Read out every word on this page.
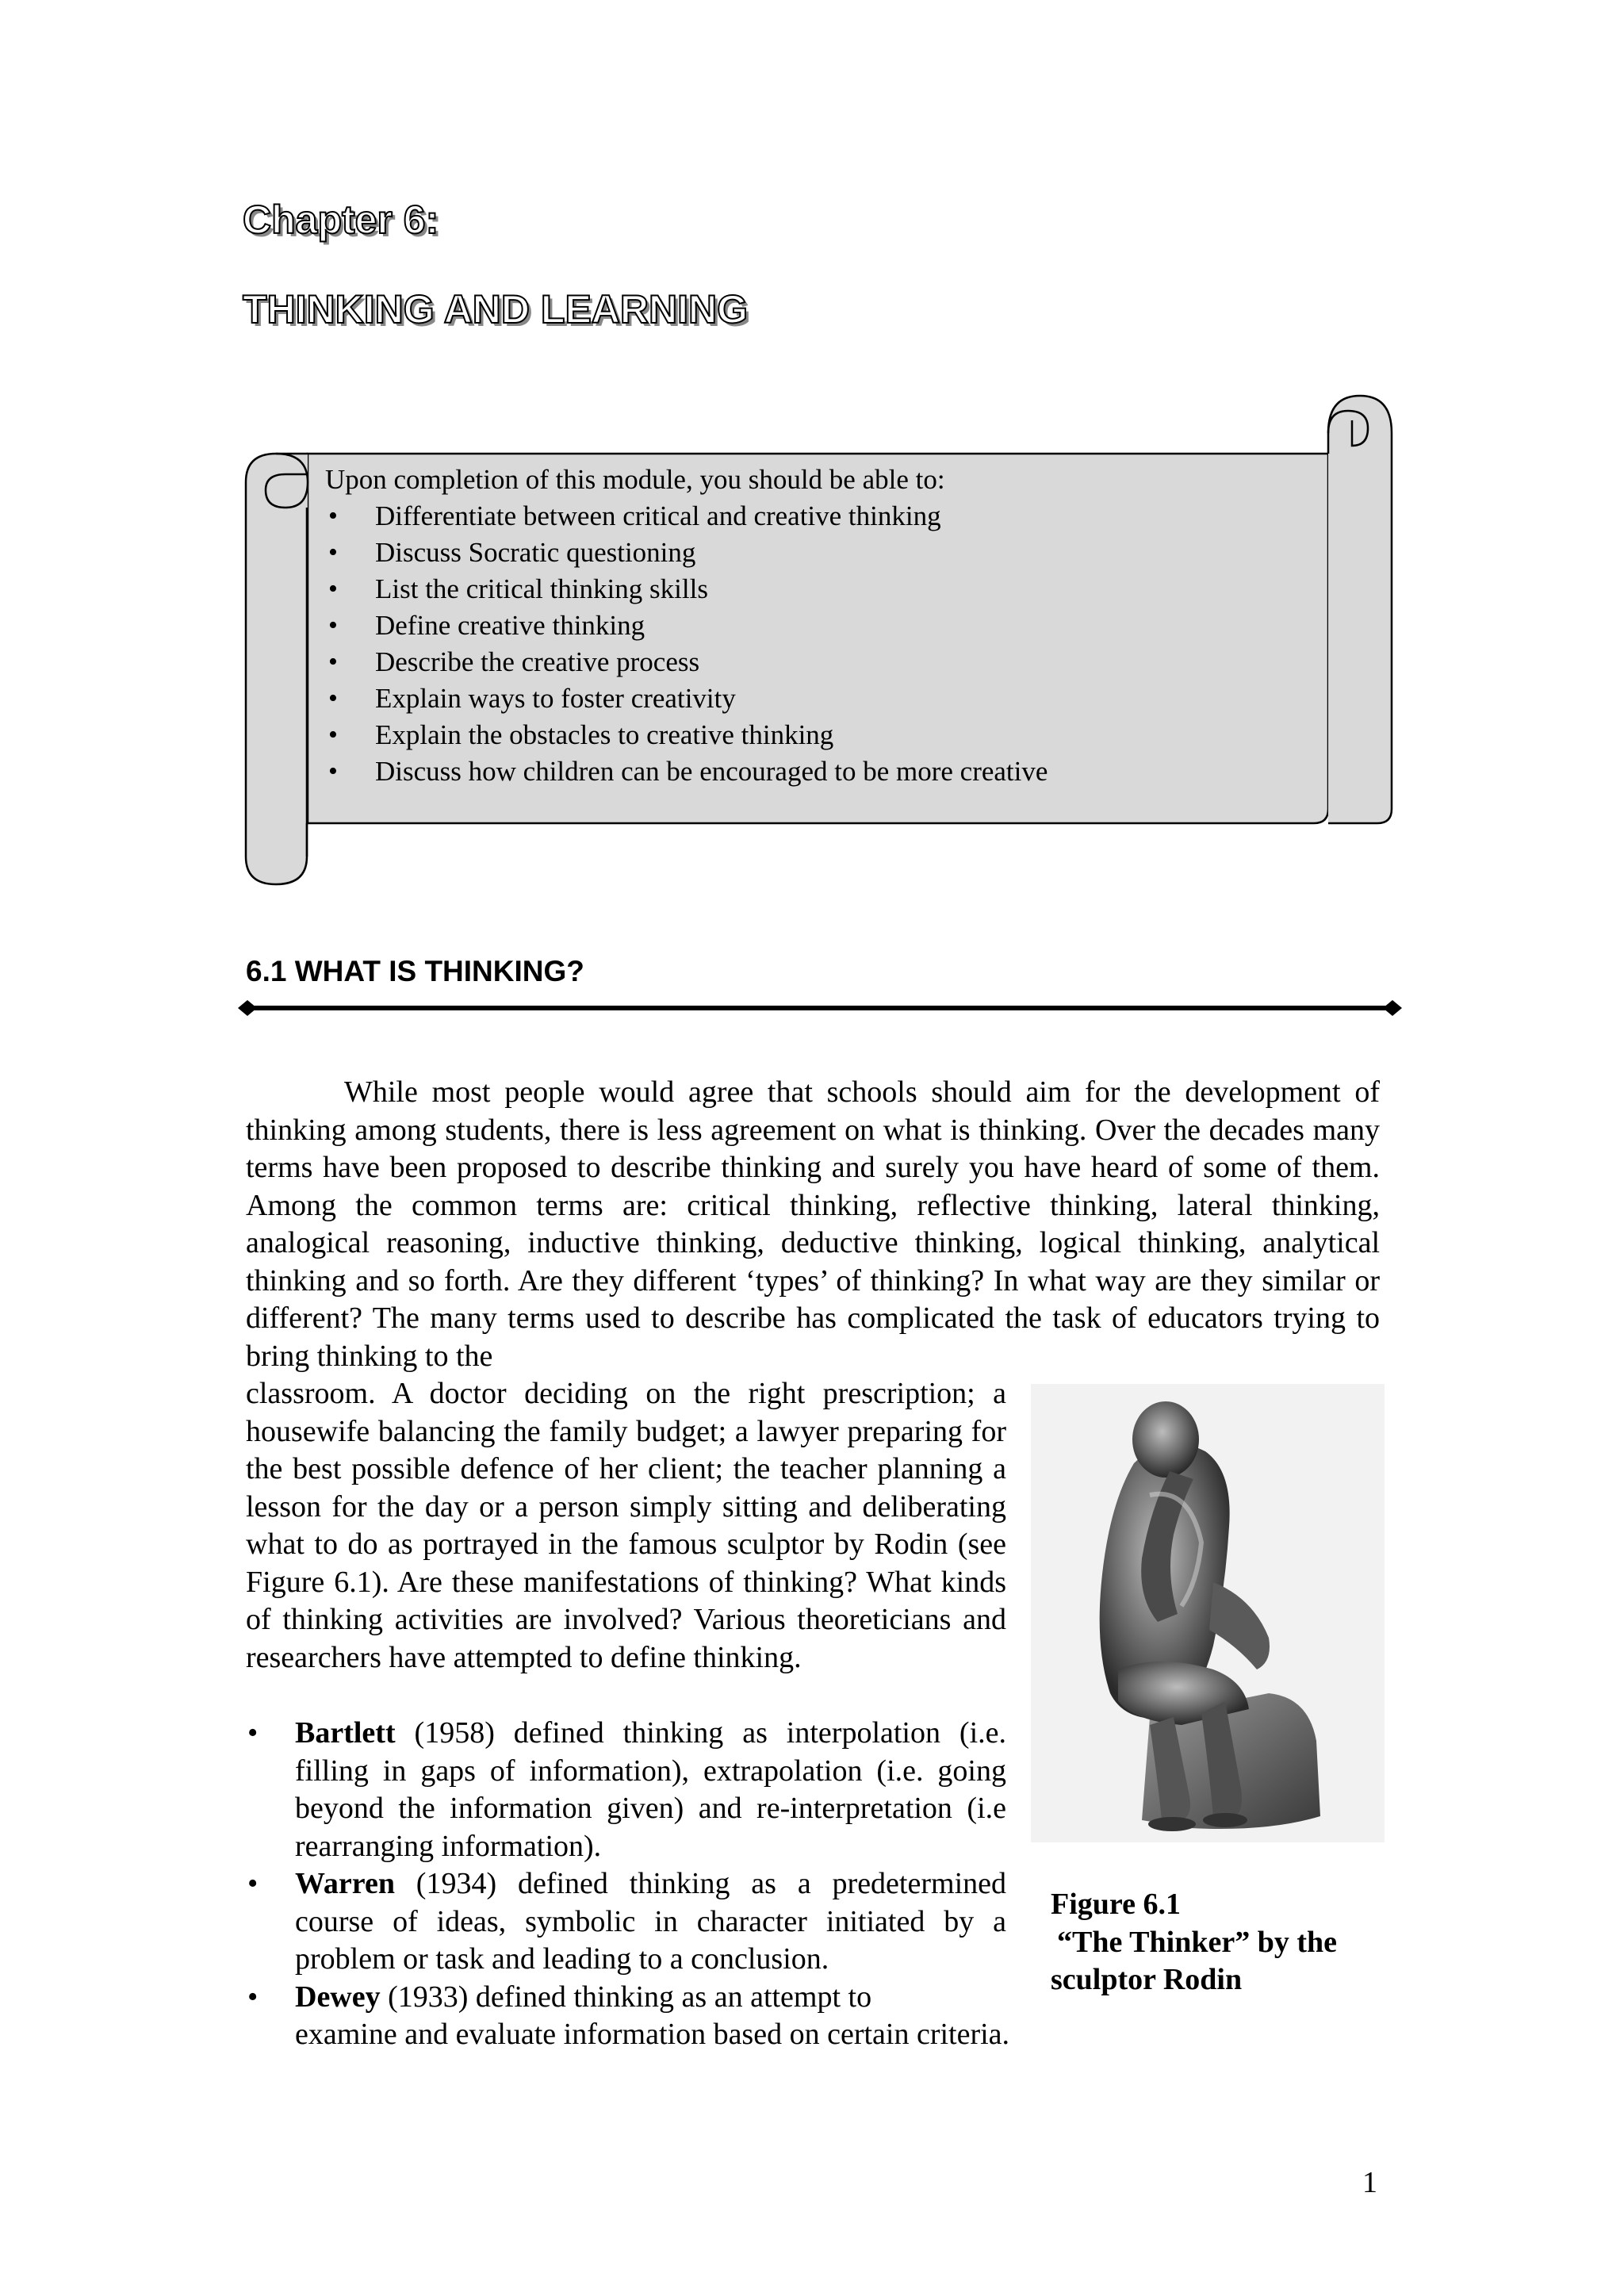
Chapter 6:
THINKING AND LEARNING
Upon completion of this module, you should be able to:
• Differentiate between critical and creative thinking
• Discuss Socratic questioning
• List the critical thinking skills
• Define creative thinking
• Describe the creative process
• Explain ways to foster creativity
• Explain the obstacles to creative thinking
• Discuss how children can be encouraged to be more creative
6.1 WHAT IS THINKING?

While most people would agree that schools should aim for the development of thinking among students, there is less agreement on what is thinking. Over the decades many terms have been proposed to describe thinking and surely you have heard of some of them. Among the common terms are: critical thinking, reflective thinking, lateral thinking, analogical reasoning, inductive thinking, deductive thinking, logical thinking, analytical thinking and so forth. Are they different ‘types’ of thinking? In what way are they similar or different? The many terms used to describe has complicated the task of educators trying to bring thinking to the

classroom. A doctor deciding on the right prescription; a housewife balancing the family budget; a lawyer preparing for the best possible defence of her client; the teacher planning a lesson for the day or a person simply sitting and deliberating what to do as portrayed in the famous sculptor by Rodin (see Figure 6.1). Are these manifestations of thinking? What kinds of thinking activities are involved? Various theoreticians and researchers have attempted to define thinking.

• Bartlett (1958) defined thinking as interpolation (i.e. filling in gaps of information), extrapolation (i.e. going beyond the information given) and re-interpretation (i.e rearranging information).
• Warren (1934) defined thinking as a predetermined course of ideas, symbolic in character initiated by a problem or task and leading to a conclusion.
• Dewey (1933) defined thinking as an attempt to
examine and evaluate information based on certain criteria.
Figure 6.1
“The Thinker” by the
sculptor Rodin
1
